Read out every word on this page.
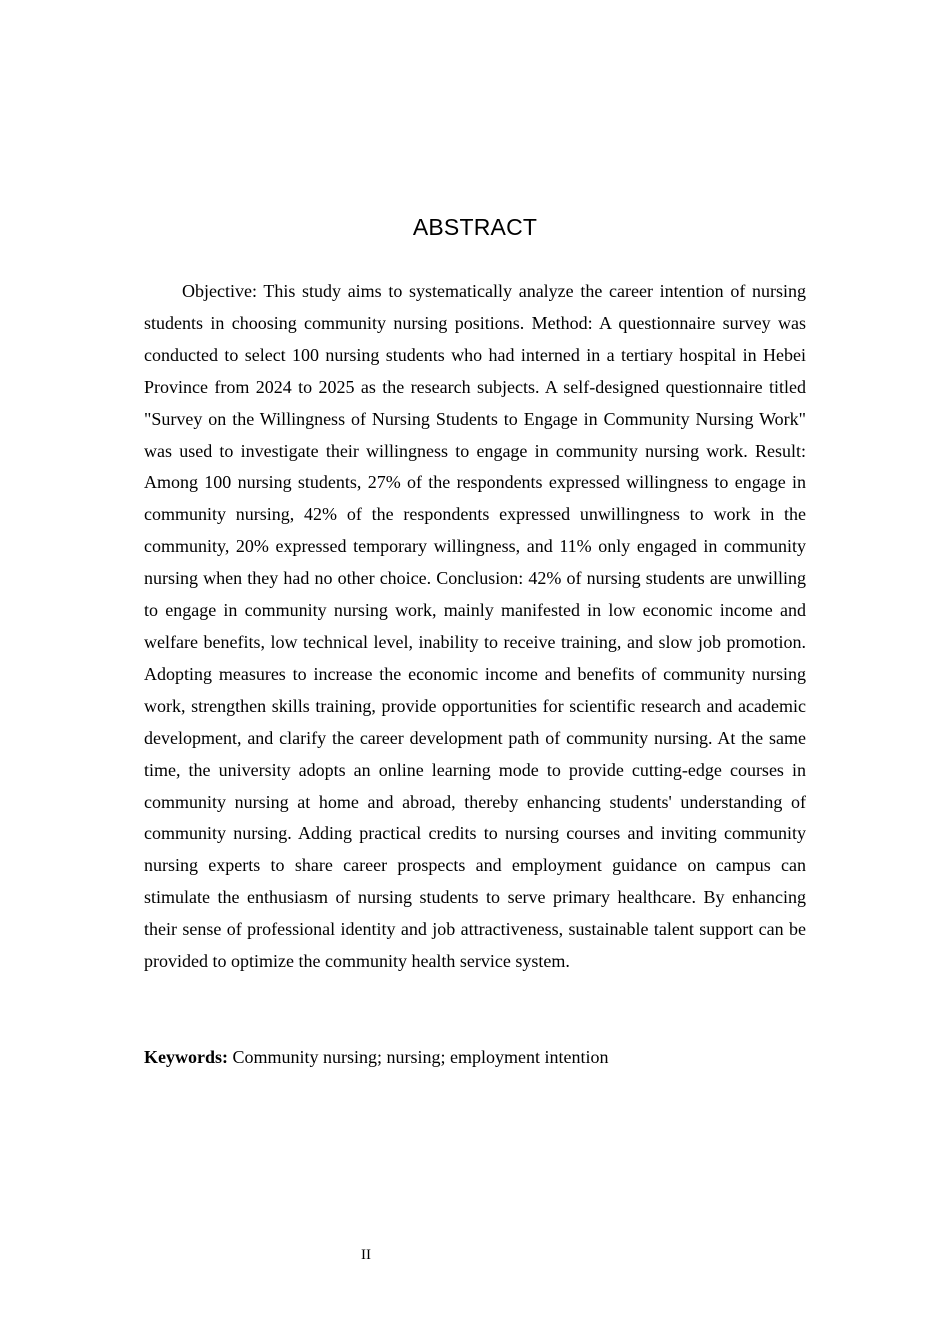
ABSTRACT

Objective: This study aims to systematically analyze the career intention of nursing students in choosing community nursing positions. Method: A questionnaire survey was conducted to select 100 nursing students who had interned in a tertiary hospital in Hebei Province from 2024 to 2025 as the research subjects. A self-designed questionnaire titled "Survey on the Willingness of Nursing Students to Engage in Community Nursing Work" was used to investigate their willingness to engage in community nursing work. Result: Among 100 nursing students, 27% of the respondents expressed willingness to engage in community nursing, 42% of the respondents expressed unwillingness to work in the community, 20% expressed temporary willingness, and 11% only engaged in community nursing when they had no other choice. Conclusion: 42% of nursing students are unwilling to engage in community nursing work, mainly manifested in low economic income and welfare benefits, low technical level, inability to receive training, and slow job promotion. Adopting measures to increase the economic income and benefits of community nursing work, strengthen skills training, provide opportunities for scientific research and academic development, and clarify the career development path of community nursing. At the same time, the university adopts an online learning mode to provide cutting-edge courses in community nursing at home and abroad, thereby enhancing students' understanding of community nursing. Adding practical credits to nursing courses and inviting community nursing experts to share career prospects and employment guidance on campus can stimulate the enthusiasm of nursing students to serve primary healthcare. By enhancing their sense of professional identity and job attractiveness, sustainable talent support can be provided to optimize the community health service system.

Keywords: Community nursing; nursing; employment intention

II
